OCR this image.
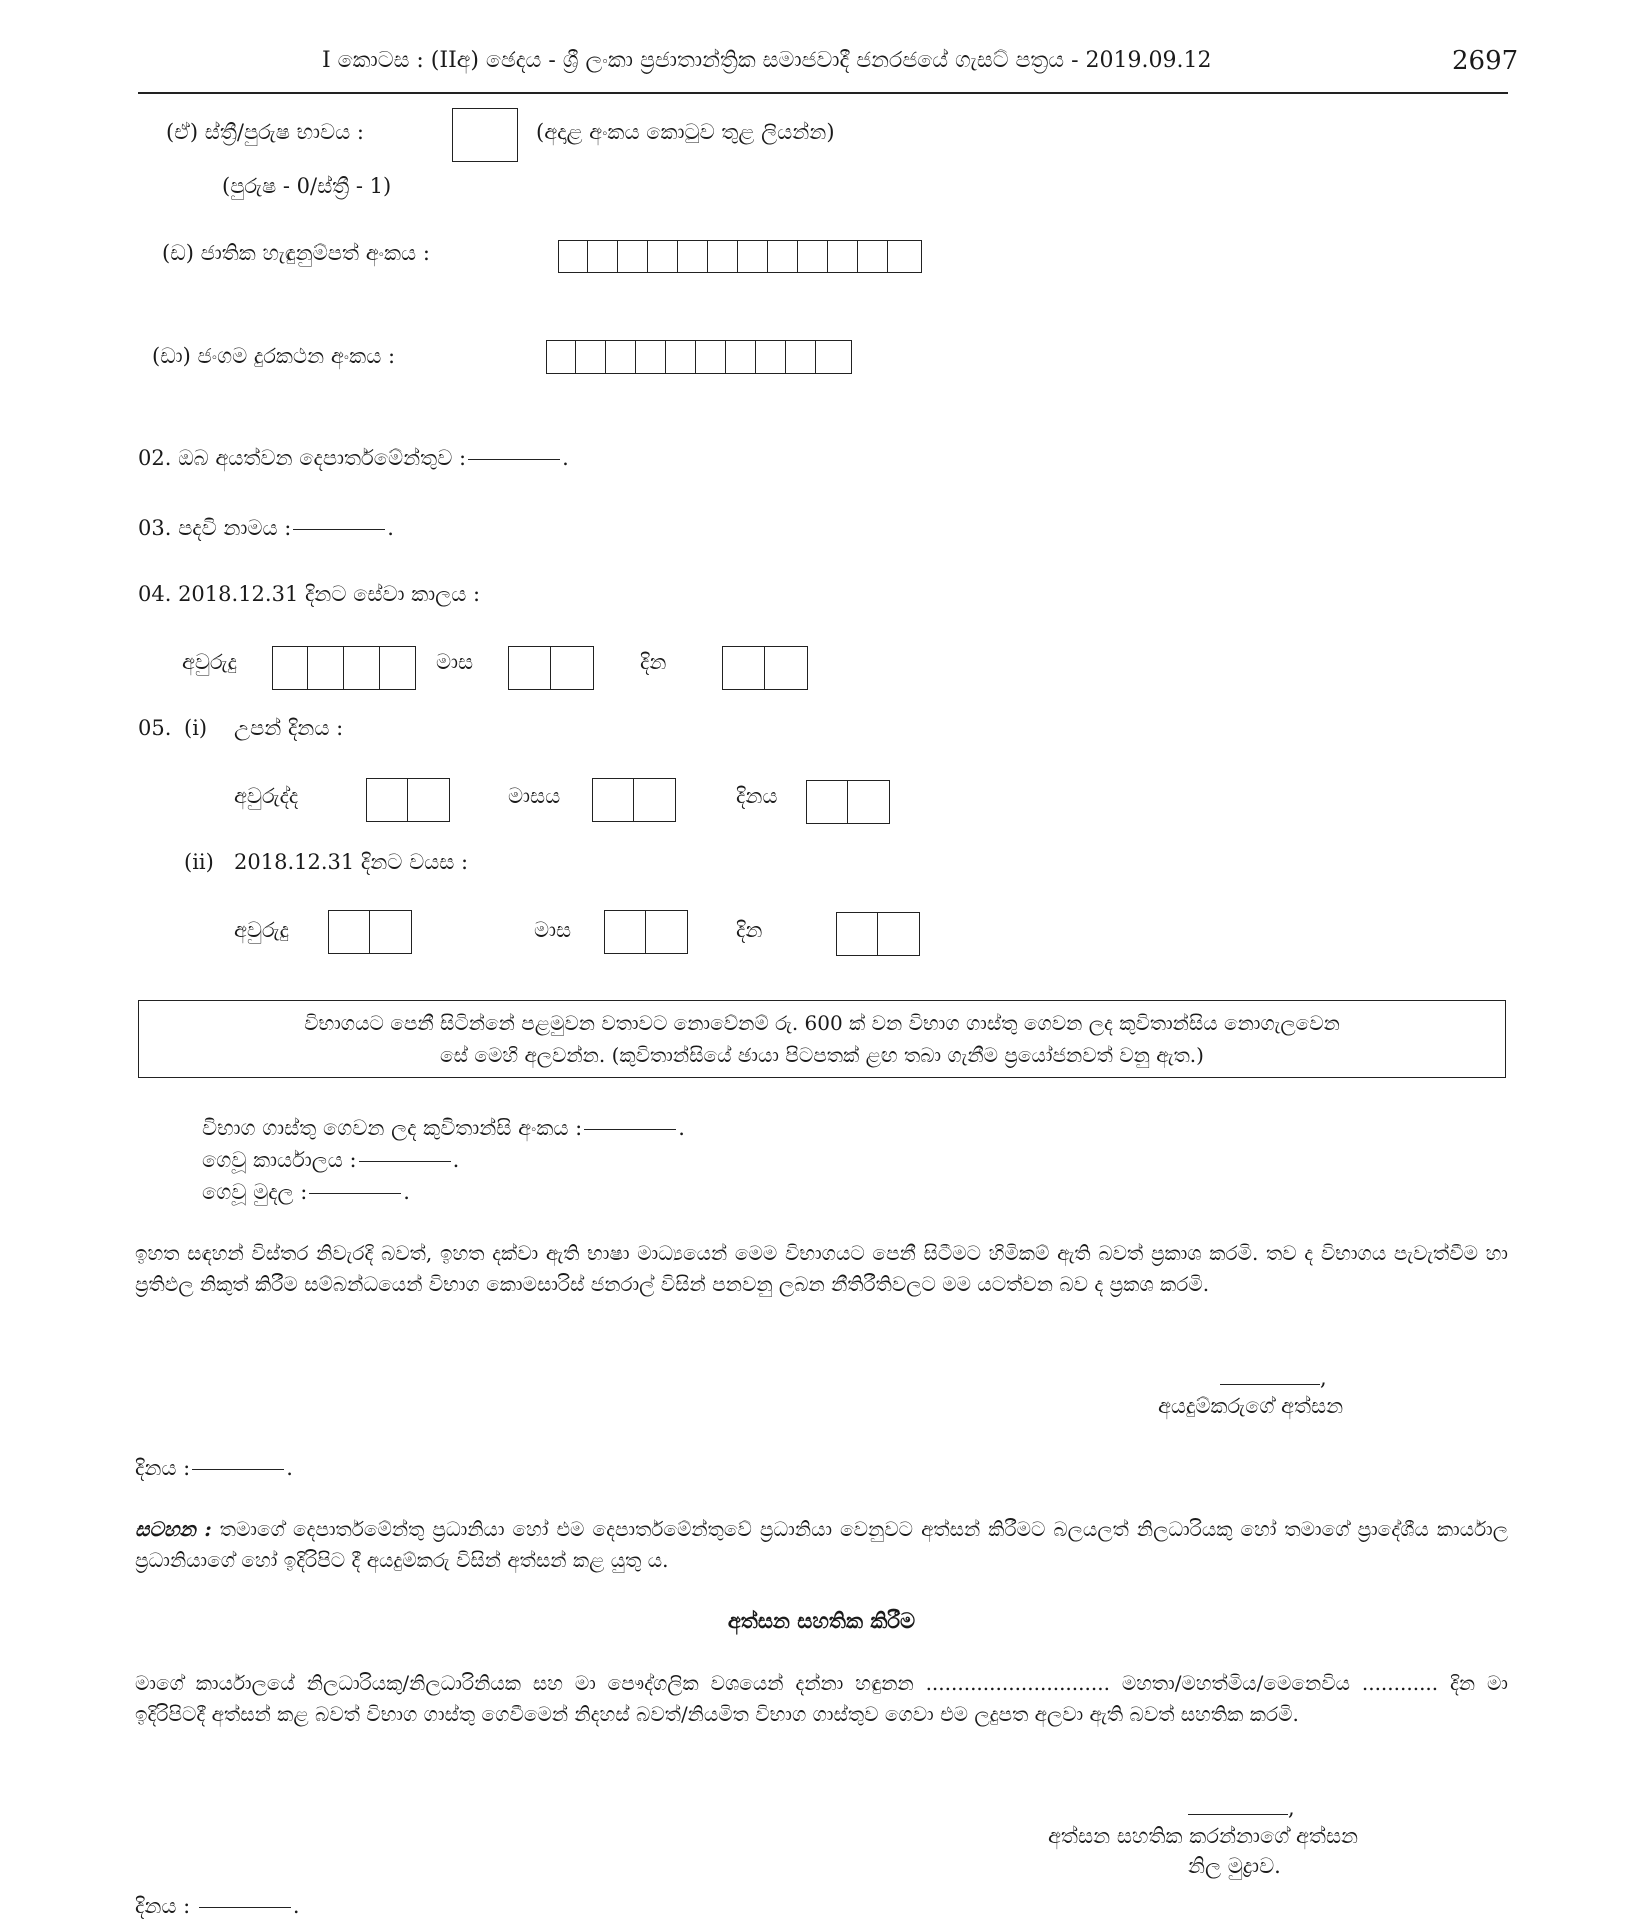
I කොටස : (IIඅ) ඡෙදය - ශ්‍රී ලංකා ප්‍රජාතාන්ත්‍රික සමාජවාදී ජනරජයේ ගැසට් පත්‍රය - 2019.09.12	2697
(ඒ) ස්ත්‍රී/පුරුෂ භාවය :	(අදාළ අංකය කොටුව තුළ ලියන්න)
(පුරුෂ - 0/ස්ත්‍රී - 1)
(ඩ) ජාතික හැඳුනුම්පත් අංකය :
(ඩා) ජංගම දුරකථන අංකය :
02. ඔබ අයත්වන දෙපාර්තමේන්තුව :	.
03. පදවි නාමය :	.
04. 2018.12.31 දිනට සේවා කාලය :
අවුරුදු	මාස	දින
05. (i) උපන් දිනය :
අවුරුද්ද	මාසය	දිනය
(ii) 2018.12.31 දිනට වයස :
අවුරුදු	මාස	දින
විභාගයට පෙනී සිටින්නේ පළමුවන වතාවට නොවේනම් රු. 600 ක් වන විභාග ගාස්තු ගෙවන ලද කුවිතාන්සිය නොගැලවෙන
සේ මෙහි අලවන්න. (කුවිතාන්සියේ ඡායා පිටපතක් ළඟ තබා ගැනීම ප්‍රයෝජනවත් වනු ඇත.)
විභාග ගාස්තු ගෙවන ලද කුවිතාන්සි අංකය :	.
ගෙවූ කාර්යාලය :	.
ගෙවූ මුදල :	.
ඉහත සඳහන් විස්තර නිවැරදි බවත්, ඉහත දක්වා ඇති භාෂා මාධ්‍යයෙන් මෙම විභාගයට පෙනී සිටීමට හිමිකම් ඇති බවත් ප්‍රකාශ කරමි. තව ද විභාගය පැවැත්වීම හා ප්‍රතිඵල නිකුත් කිරීම සම්බන්ධයෙන් විභාග කොමසාරිස් ජනරාල් විසින් පනවනු ලබන නීතිරීතිවලට මම යටත්වන බව ද ප්‍රකශ කරමි.
,
අයදුම්කරුගේ අත්සන
දිනය :	.
සටහන : තමාගේ දෙපාර්තමේන්තු ප්‍රධානියා හෝ එම දෙපාර්තමේන්තුවේ ප්‍රධානියා වෙනුවට අත්සන් කිරීමට බලයලත් නිලධාරියකු හෝ තමාගේ ප්‍රාදේශීය කාර්යාල ප්‍රධානියාගේ හෝ ඉදිරිපිට දී අයදුම්කරු විසින් අත්සන් කළ යුතු ය.
අත්සන සහතික කිරීම
මාගේ කාර්යාලයේ නිලධාරියකු/නිලධාරිනියක සහ මා පෞද්ගලික වශයෙන් දන්නා හඳුනන ............................. මහතා/මහත්මිය/මෙනෙවිය ............ දින මා ඉදිරිපිටදී අත්සන් කළ බවත් විභාග ගාස්තු ගෙවීමෙන් නිදහස් බවත්/නියමිත විභාග ගාස්තුව ගෙවා එම ලදුපත අලවා ඇති බවත් සහතික කරමි.
,
අත්සන සහතික කරන්නාගේ අත්සන
නිල මුද්‍රාව.
දිනය :	.
